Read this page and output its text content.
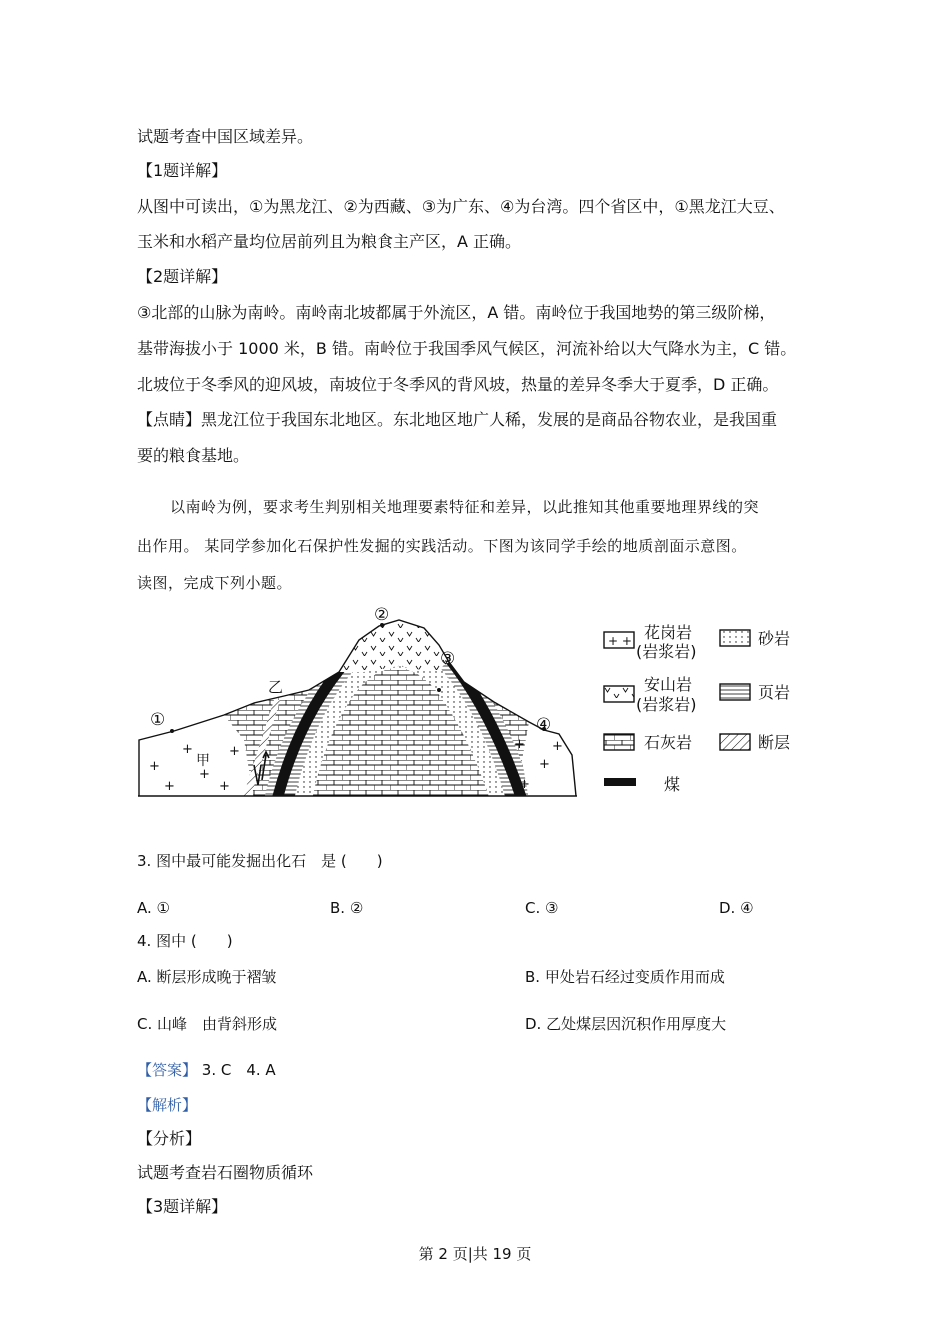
试题考查中国区域差异。
【1题详解】
从图中可读出，①为黑龙江、②为西藏、③为广东、④为台湾。四个省区中，①黑龙江大豆、
玉米和水稻产量均位居前列且为粮食主产区，A 正确。
【2题详解】
③北部的山脉为南岭。南岭南北坡都属于外流区，A 错。南岭位于我国地势的第三级阶梯，
基带海拔小于 1000 米，B 错。南岭位于我国季风气候区，河流补给以大气降水为主，C 错。
北坡位于冬季风的迎风坡，南坡位于冬季风的背风坡，热量的差异冬季大于夏季，D 正确。
【点睛】黑龙江位于我国东北地区。东北地区地广人稀，发展的是商品谷物农业，是我国重
要的粮食基地。
以南岭为例，要求考生判别相关地理要素特征和差异，以此推知其他重要地理界线的突
出作用。 某同学参加化石保护性发掘的实践活动。下图为该同学手绘的地质剖面示意图。
读图，完成下列小题。
+
+
+
+
+	+
+
+
+
+
①
②
③
④
乙
甲
+ + 花岗岩
(岩浆岩)
安山岩
(岩浆岩)
石灰岩
煤
砂岩
页岩
断层
3. 图中最可能发掘出化石　是 (　　)
A. ①	B. ②	C. ③	D. ④
4. 图中 (　　)
A. 断层形成晚于褶皱	B. 甲处岩石经过变质作用而成
C. 山峰　由背斜形成	D. 乙处煤层因沉积作用厚度大
【答案】 3. C　4. A
【解析】
【分析】
试题考查岩石圈物质循环
【3题详解】
第 2 页|共 19 页
